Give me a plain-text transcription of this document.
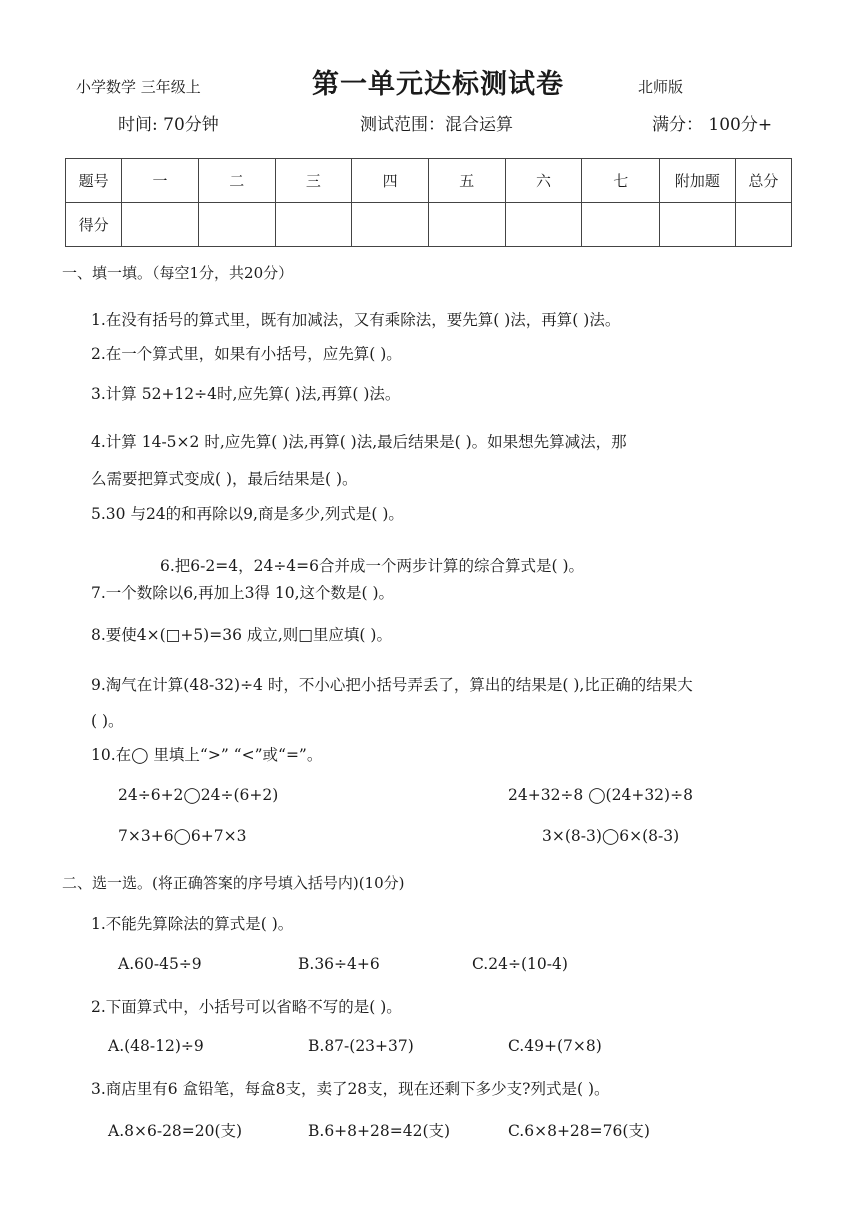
小学数学 三年级上	第一单元达标测试卷	北师版
时间: 70分钟	测试范围：混合运算	满分： 100分+
题号	一	二	三	四	五	六	七	附加题	总分
得分									
一、填一填。（每空1分，共20分）
1.在没有括号的算式里，既有加减法，又有乘除法，要先算( )法，再算( )法。
2.在一个算式里，如果有小括号，应先算( )。
3.计算 52+12÷4时,应先算( )法,再算( )法。
4.计算 14-5×2 时,应先算( )法,再算( )法,最后结果是( )。如果想先算减法，那
么需要把算式变成( )，最后结果是( )。
5.30 与24的和再除以9,商是多少,列式是( )。
6.把6-2=4，24÷4=6合并成一个两步计算的综合算式是( )。
7.一个数除以6,再加上3得 10,这个数是( )。
8.要使4×(□+5)=36 成立,则□里应填( )。
9.淘气在计算(48-32)÷4 时，不小心把小括号弄丢了，算出的结果是( ),比正确的结果大
( )。
10.在◯ 里填上“>” “<”或“=”。
24÷6+2◯24÷(6+2)	24+32÷8 ◯(24+32)÷8
7×3+6◯6+7×3	3×(8-3)◯6×(8-3)
二、选一选。(将正确答案的序号填入括号内)(10分)
1.不能先算除法的算式是( )。
A.60-45÷9	B.36÷4+6	C.24÷(10-4)
2.下面算式中，小括号可以省略不写的是( )。
A.(48-12)÷9	B.87-(23+37)	C.49+(7×8)
3.商店里有6 盒铅笔，每盒8支，卖了28支，现在还剩下多少支?列式是( )。
A.8×6-28=20(支)	B.6+8+28=42(支)	C.6×8+28=76(支)
